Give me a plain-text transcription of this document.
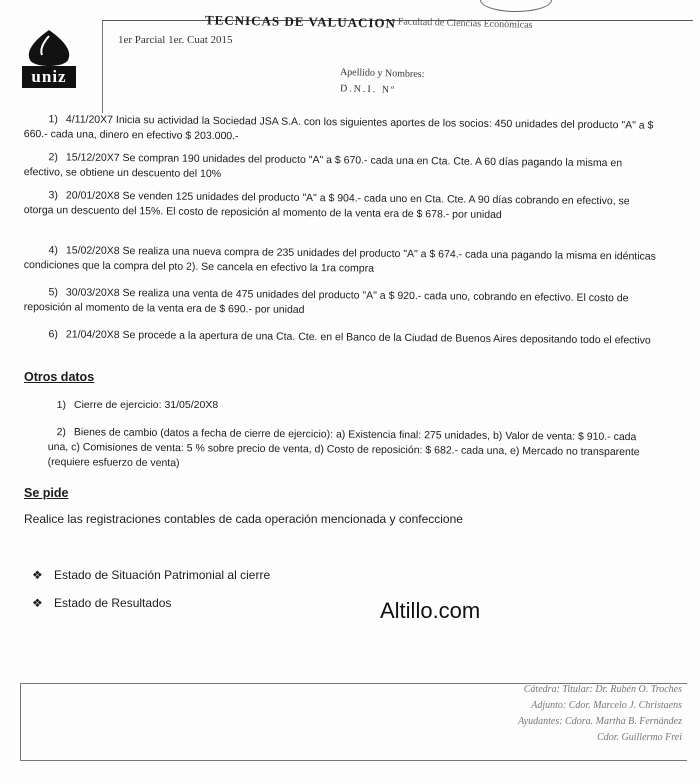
uniz
TECNICAS DE VALUACION
- Facultad de Ciencias Económicas
1er Parcial 1er. Cuat 2015
Apellido y Nombres:
D.N.I. Nº
1) 4/11/20X7 Inicia su actividad la Sociedad JSA S.A. con los siguientes aportes de los socios: 450 unidades del producto "A" a $ 660.- cada una, dinero en efectivo $ 203.000.-
2) 15/12/20X7 Se compran 190 unidades del producto "A" a $ 670.- cada una en Cta. Cte. A 60 días pagando la misma en efectivo, se obtiene un descuento del 10%
3) 20/01/20X8 Se venden 125 unidades del producto "A" a $ 904.- cada uno en Cta. Cte. A 90 días cobrando en efectivo, se otorga un descuento del 15%. El costo de reposición al momento de la venta era de $ 678.- por unidad
4) 15/02/20X8 Se realiza una nueva compra de 235 unidades del producto "A" a $ 674.- cada una pagando la misma en idénticas condiciones que la compra del pto 2). Se cancela en efectivo la 1ra compra
5) 30/03/20X8 Se realiza una venta de 475 unidades del producto "A" a $ 920.- cada uno, cobrando en efectivo. El costo de reposición al momento de la venta era de $ 690.- por unidad
6) 21/04/20X8 Se procede a la apertura de una Cta. Cte. en el Banco de la Ciudad de Buenos Aires depositando todo el efectivo
Otros datos
1) Cierre de ejercicio: 31/05/20X8
2) Bienes de cambio (datos a fecha de cierre de ejercicio): a) Existencia final: 275 unidades, b) Valor de venta: $ 910.- cada una, c) Comisiones de venta: 5 % sobre precio de venta, d) Costo de reposición: $ 682.- cada una, e) Mercado no transparente (requiere esfuerzo de venta)
Se pide
Realice las registraciones contables de cada operación mencionada y confeccione
❖ Estado de Situación Patrimonial al cierre
❖ Estado de Resultados	Altillo.com
Cátedra: Titular: Dr. Rubén O. Troches
Adjunto: Cdor. Marcelo J. Christaens
Ayudantes: Cdora. Martha B. Fernández
Cdor. Guillermo Frei
